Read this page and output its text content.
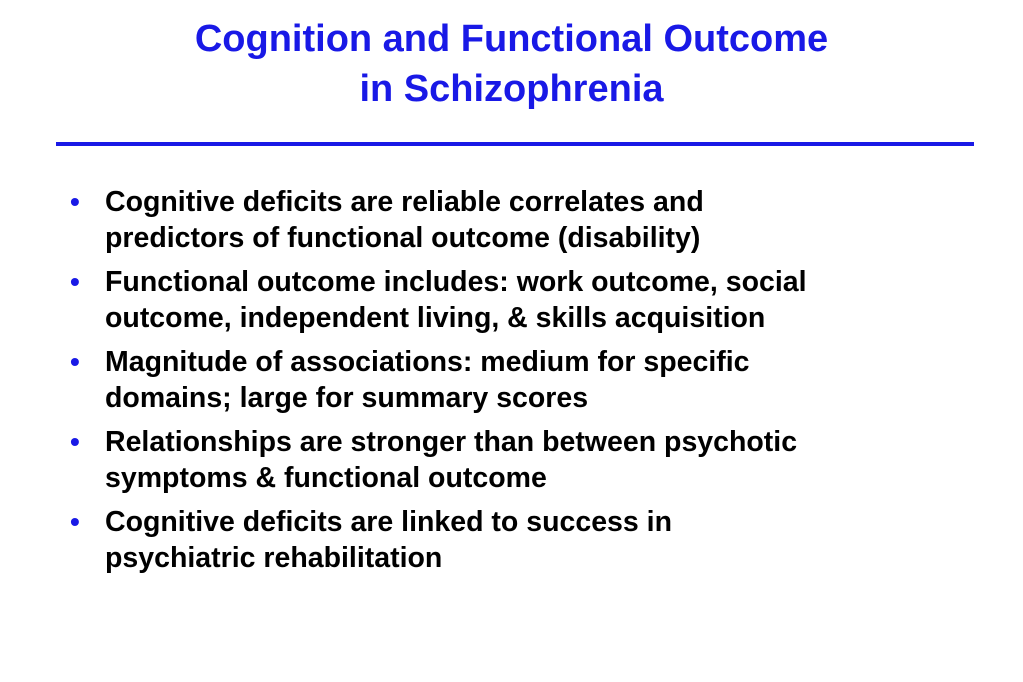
Cognition and Functional Outcome
in Schizophrenia
• Cognitive deficits are reliable correlates and
predictors of functional outcome (disability)
• Functional outcome includes: work outcome, social
outcome, independent living, & skills acquisition
• Magnitude of associations: medium for specific
domains; large for summary scores
• Relationships are stronger than between psychotic
symptoms & functional outcome
• Cognitive deficits are linked to success in
psychiatric rehabilitation
